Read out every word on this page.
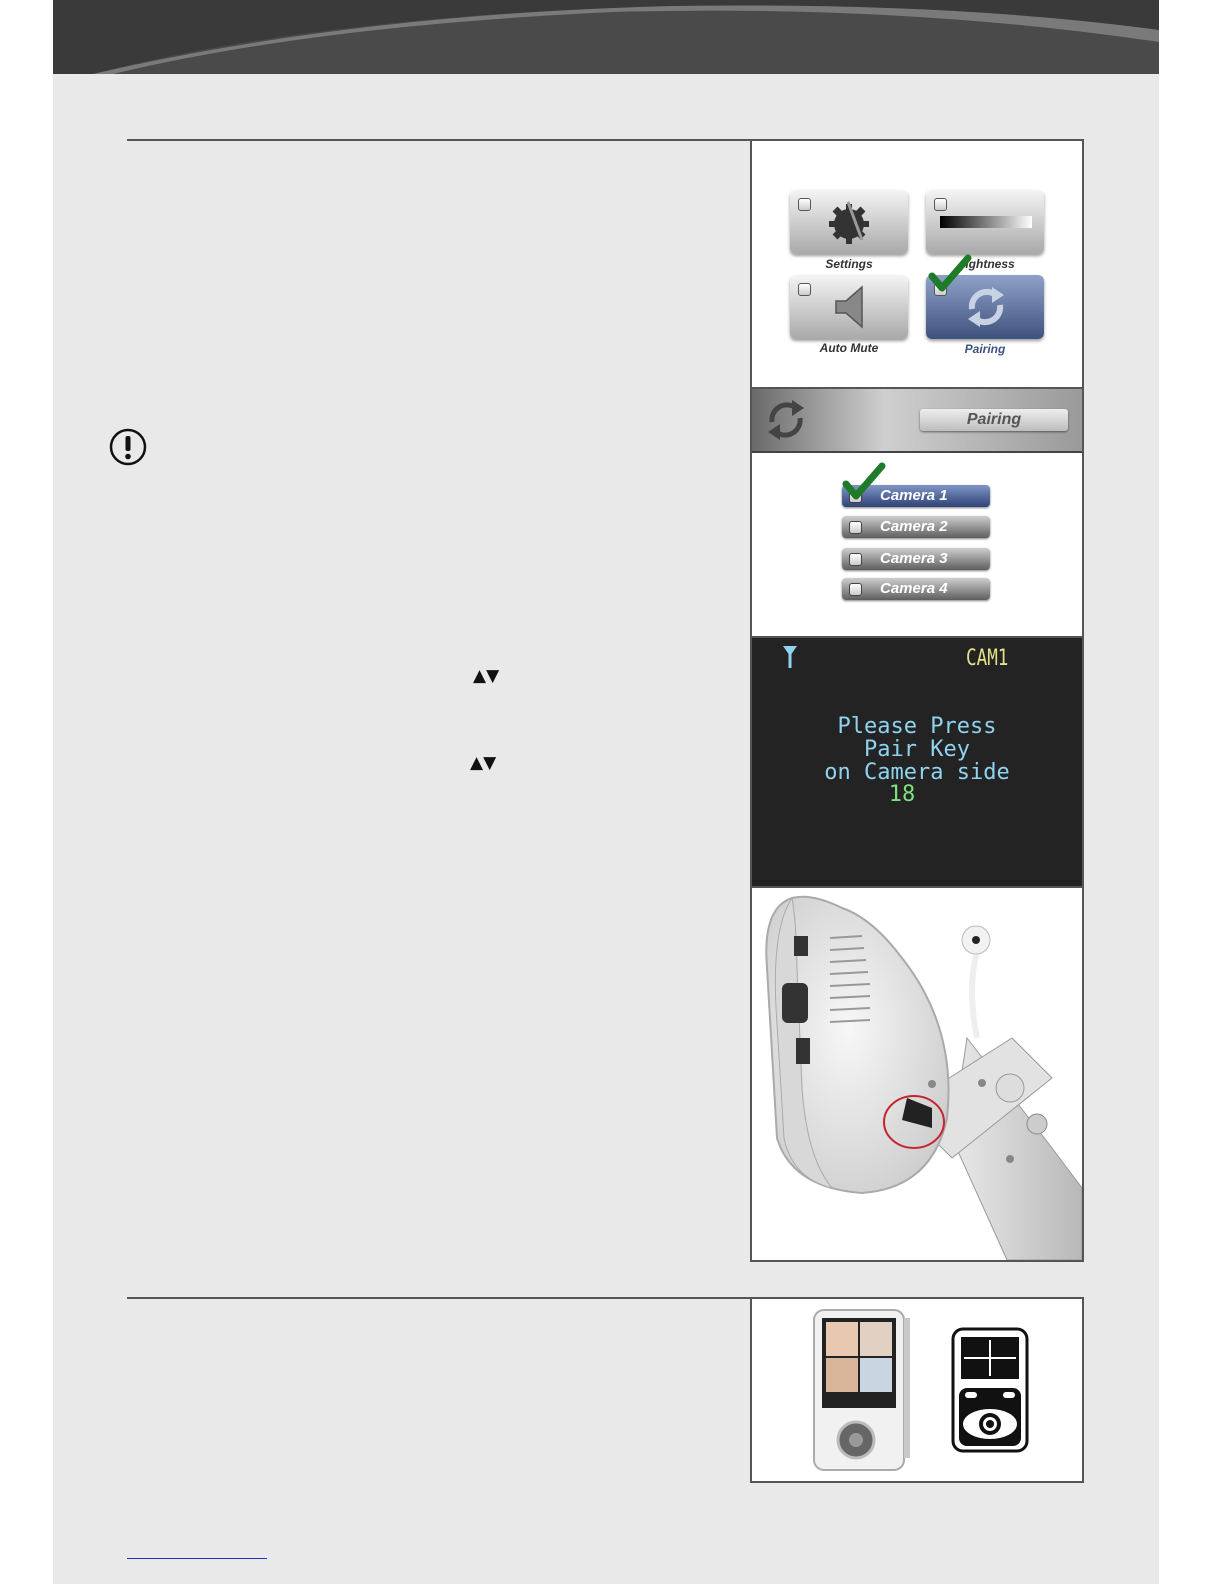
▲▼
▲▼
Settings	ightness
Auto Mute	Pairing
Pairing
Camera 1
Camera 2
Camera 3
Camera 4
CAM1
Please Press
Pair Key
on Camera side
18
